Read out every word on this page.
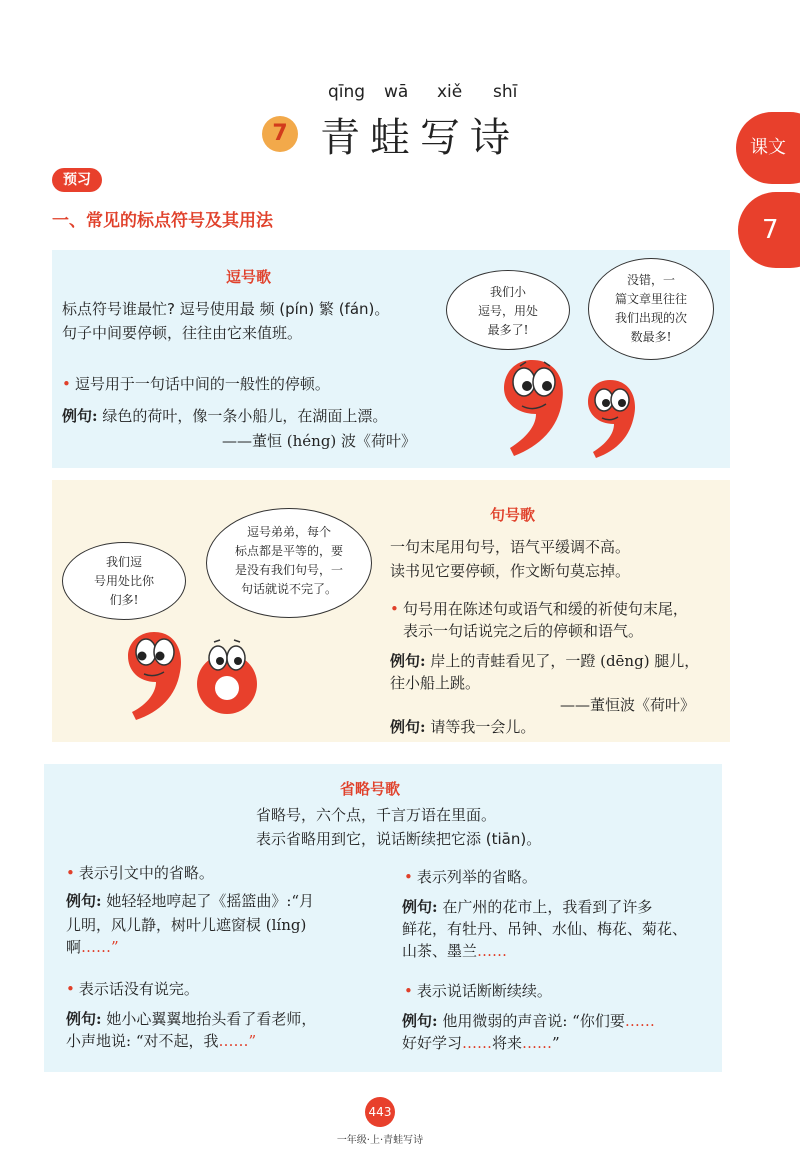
qīng wā xiě shī
7 青蛙写诗	课文
7
预习
一、常见的标点符号及其用法
逗号歌
标点符号谁最忙? 逗号使用最 频 (pín) 繁 (fán)。
句子中间要停顿，往往由它来值班。
• 逗号用于一句话中间的一般性的停顿。
例句: 绿色的荷叶，像一条小船儿，在湖面上漂。
——董恒 (héng) 波《荷叶》
我们小
逗号，用处
最多了!
没错，一
篇文章里往往
我们出现的次
数最多!
句号歌
一句末尾用句号，语气平缓调不高。
读书见它要停顿，作文断句莫忘掉。
• 句号用在陈述句或语气和缓的祈使句末尾，
表示一句话说完之后的停顿和语气。
例句: 岸上的青蛙看见了，一蹬 (dēng) 腿儿，
往小船上跳。
——董恒波《荷叶》
例句: 请等我一会儿。
我们逗
号用处比你
们多!
逗号弟弟，每个
标点都是平等的，要
是没有我们句号，一
句话就说不完了。
省略号歌
省略号，六个点，千言万语在里面。
表示省略用到它，说话断续把它添 (tiān)。
• 表示引文中的省略。
例句: 她轻轻地哼起了《摇篮曲》:“月
儿明，风儿静，树叶儿遮窗棂 (líng)
啊……”
• 表示话没有说完。
例句: 她小心翼翼地抬头看了看老师，
小声地说: “对不起，我……”
• 表示列举的省略。
例句: 在广州的花市上，我看到了许多
鲜花，有牡丹、吊钟、水仙、梅花、菊花、
山茶、墨兰……
• 表示说话断断续续。
例句: 他用微弱的声音说: “你们要……
好好学习……将来……”
443
一年级·上·青蛙写诗
